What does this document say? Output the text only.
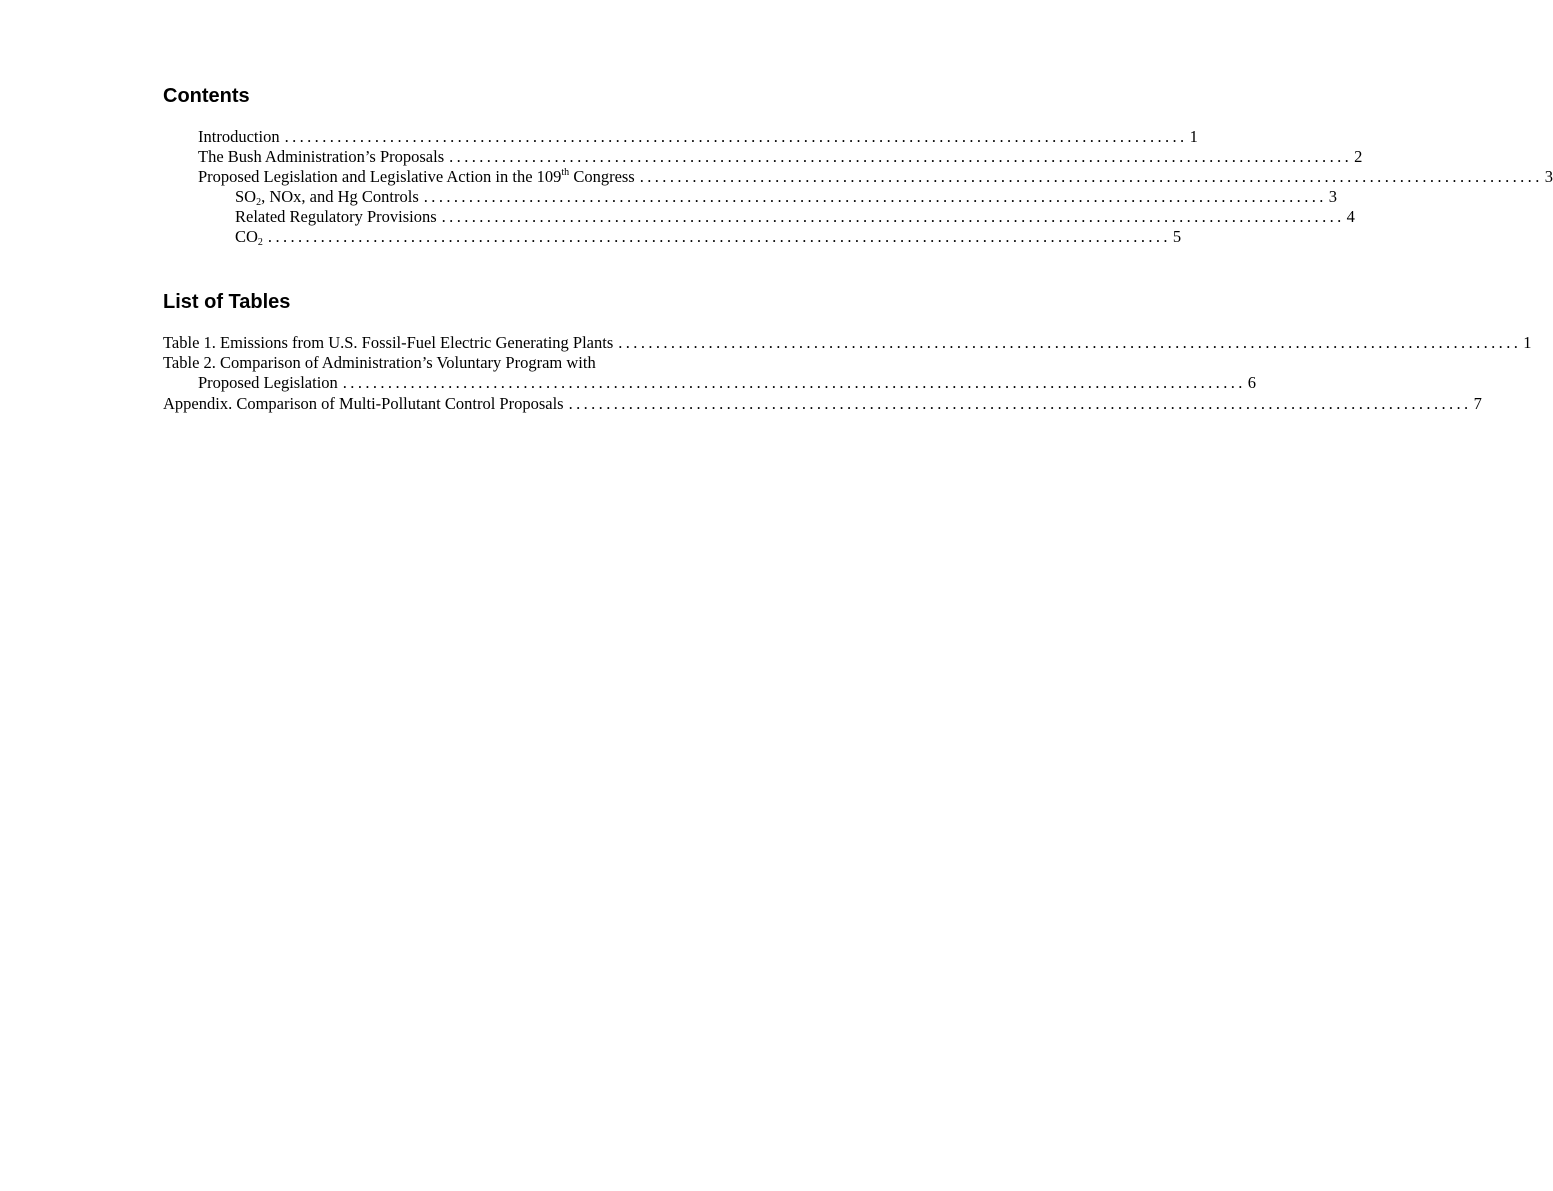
Contents
Introduction ........................................................................................................................ 1
The Bush Administration’s Proposals ........................................................................................................................ 2
Proposed Legislation and Legislative Action in the 109th Congress ........................................................................................................................ 3
$SO_2$, NOx, and Hg Controls ........................................................................................................................ 3
Related Regulatory Provisions ........................................................................................................................ 4
$CO_2$ ........................................................................................................................ 5
List of Tables
Table 1. Emissions from U.S. Fossil-Fuel Electric Generating Plants ........................................................................................................................ 1
Table 2. Comparison of Administration’s Voluntary Program with
Proposed Legislation ........................................................................................................................ 6
Appendix. Comparison of Multi-Pollutant Control Proposals ........................................................................................................................ 7
